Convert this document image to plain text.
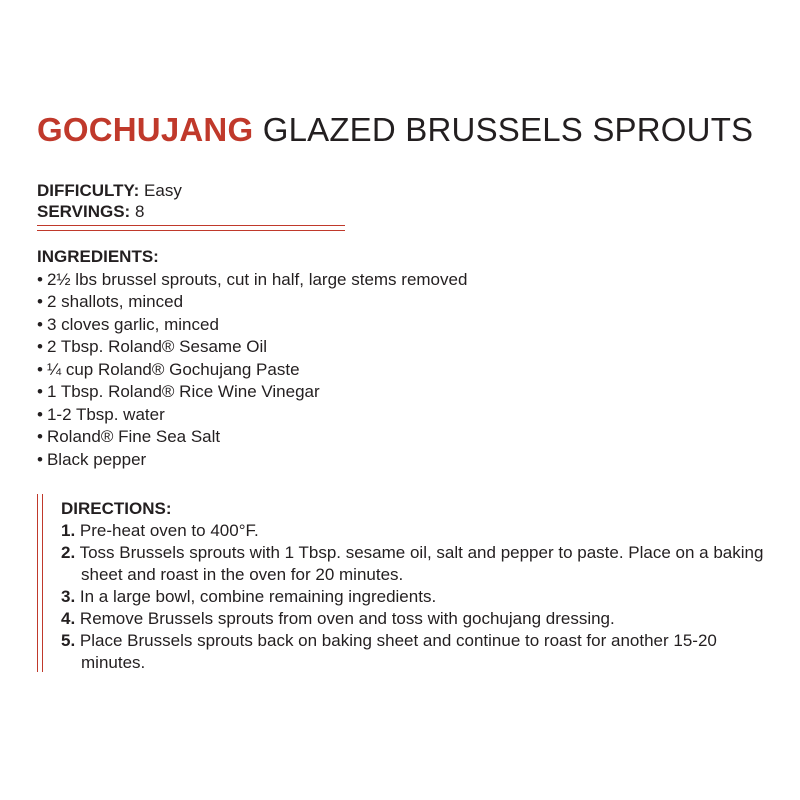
GOCHUJANG GLAZED BRUSSELS SPROUTS
DIFFICULTY: Easy
SERVINGS: 8
INGREDIENTS:
• 2½ lbs brussel sprouts, cut in half, large stems removed
• 2 shallots, minced
• 3 cloves garlic, minced
• 2 Tbsp. Roland® Sesame Oil
• ¼ cup Roland® Gochujang Paste
• 1 Tbsp. Roland® Rice Wine Vinegar
• 1-2 Tbsp. water
• Roland® Fine Sea Salt
• Black pepper
DIRECTIONS:
1. Pre-heat oven to 400°F.
2. Toss Brussels sprouts with 1 Tbsp. sesame oil, salt and pepper to paste. Place on a baking sheet and roast in the oven for 20 minutes.
3. In a large bowl, combine remaining ingredients.
4. Remove Brussels sprouts from oven and toss with gochujang dressing.
5. Place Brussels sprouts back on baking sheet and continue to roast for another 15-20 minutes.
